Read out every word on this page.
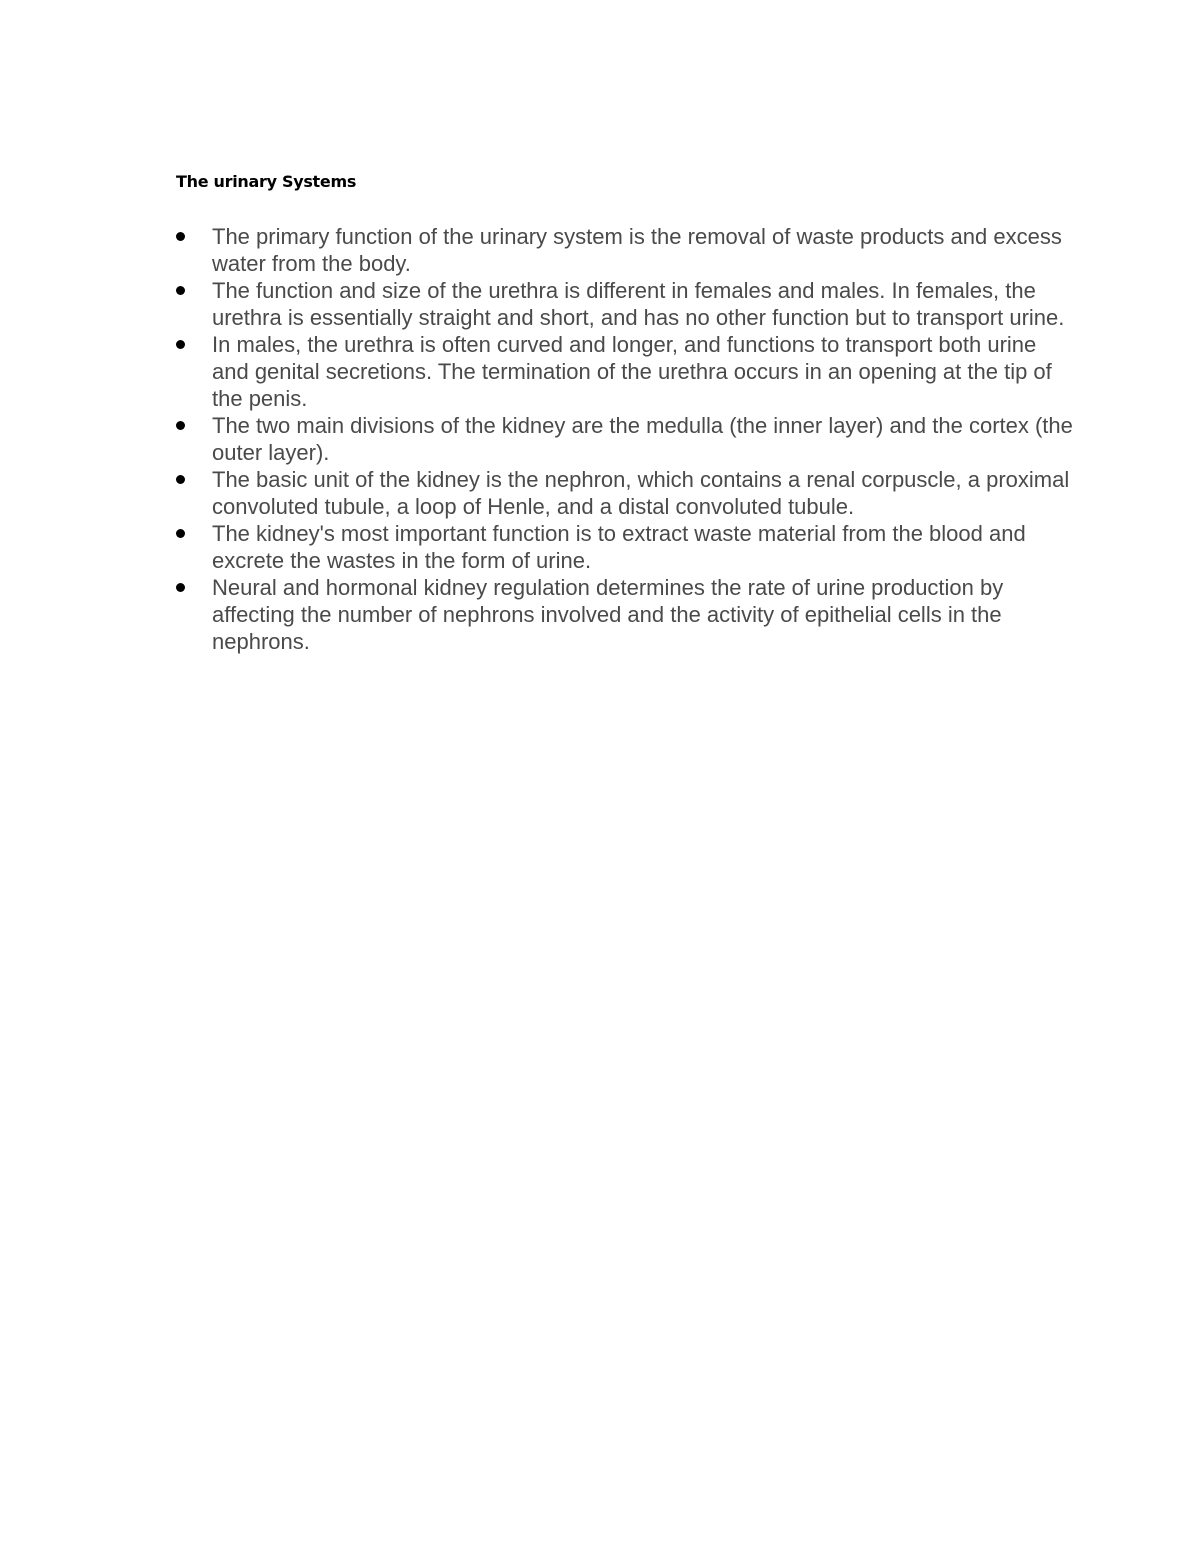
The urinary Systems
The primary function of the urinary system is the removal of waste products and excess water from the body.
The function and size of the urethra is different in females and males. In females, the urethra is essentially straight and short, and has no other function but to transport urine.
In males, the urethra is often curved and longer, and functions to transport both urine and genital secretions. The termination of the urethra occurs in an opening at the tip of the penis.
The two main divisions of the kidney are the medulla (the inner layer) and the cortex (the outer layer).
The basic unit of the kidney is the nephron, which contains a renal corpuscle, a proximal convoluted tubule, a loop of Henle, and a distal convoluted tubule.
The kidney's most important function is to extract waste material from the blood and excrete the wastes in the form of urine.
Neural and hormonal kidney regulation determines the rate of urine production by affecting the number of nephrons involved and the activity of epithelial cells in the nephrons.
